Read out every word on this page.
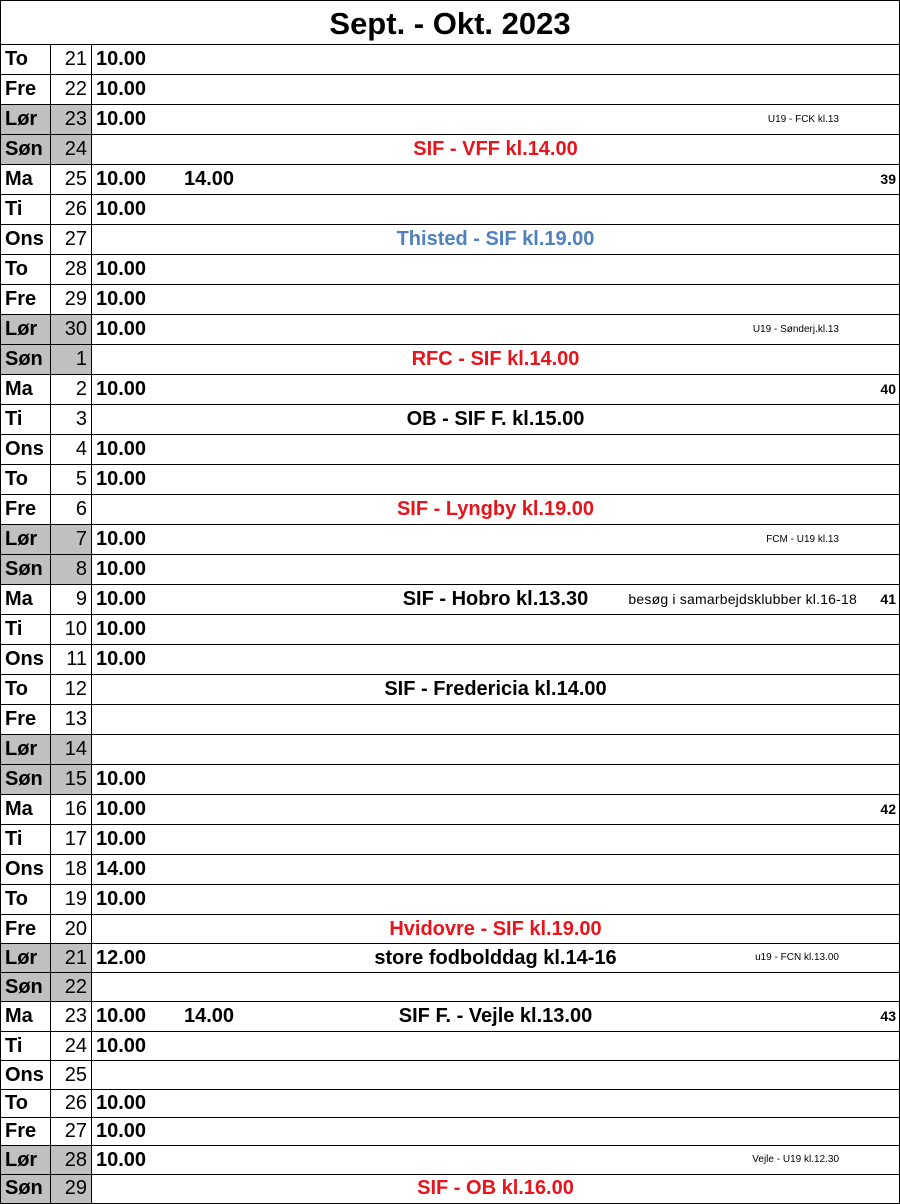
Sept. - Okt. 2023
To	21 10.00
Fre	22 10.00
Lør	23 10.00	U19 - FCK kl.13
Søn	24	SIF - VFF kl.14.00
Ma	25 10.00 14.00	39
Ti	26 10.00
Ons	27	Thisted - SIF kl.19.00
To	28 10.00
Fre	29 10.00
Lør	30 10.00	U19 - Sønderj.kl.13
Søn	1	RFC - SIF kl.14.00
Ma	2 10.00	40
Ti	3	OB - SIF F. kl.15.00
Ons	4 10.00
To	5 10.00
Fre	6	SIF - Lyngby kl.19.00
Lør	7 10.00	FCM - U19 kl.13
Søn	8 10.00
Ma	9 10.00	SIF - Hobro kl.13.30	besøg i samarbejdsklubber kl.16-18 41
Ti	10 10.00
Ons	11 10.00
To	12	SIF - Fredericia kl.14.00
Fre	13
Lør	14
Søn	15 10.00
Ma	16 10.00	42
Ti	17 10.00
Ons	18 14.00
To	19 10.00
Fre	20	Hvidovre - SIF kl.19.00
Lør	21 12.00	store fodbolddag kl.14-16	u19 - FCN kl.13.00
Søn	22
Ma	23 10.00 14.00	SIF F. - Vejle kl.13.00	43
Ti	24 10.00
Ons	25
To	26 10.00
Fre	27 10.00
Lør	28 10.00	Vejle - U19 kl.12.30
Søn	29	SIF - OB kl.16.00
